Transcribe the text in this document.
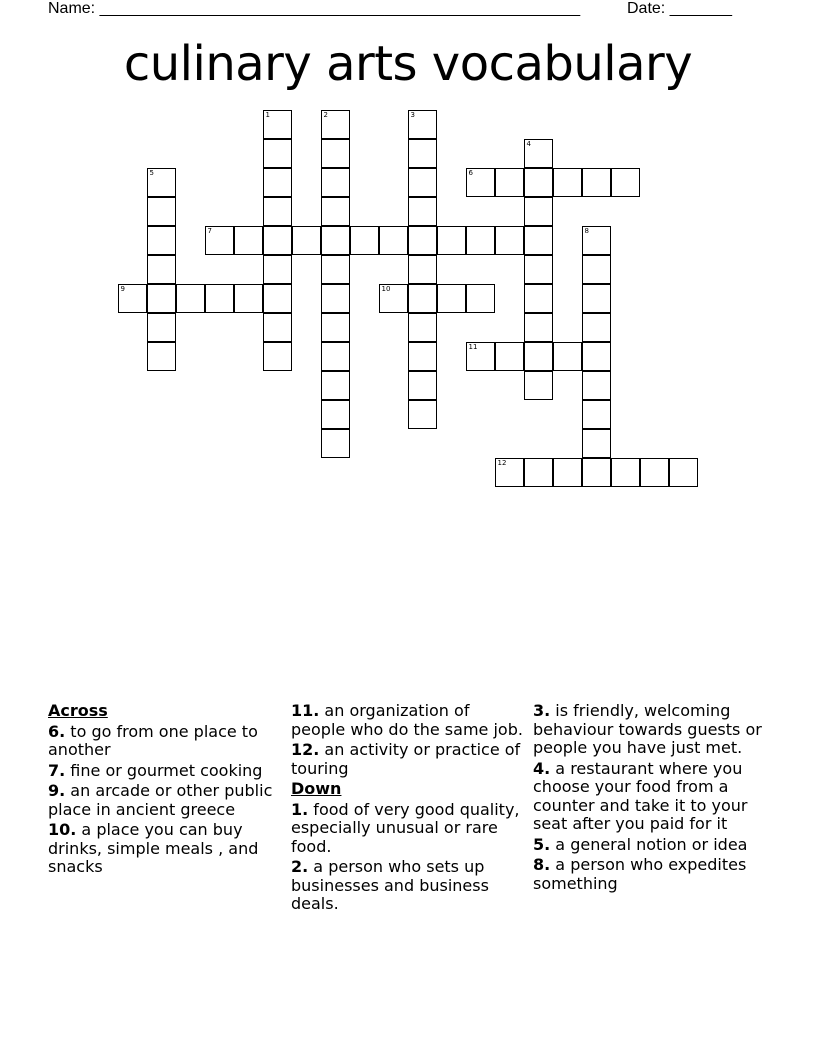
Name: ______________________________________________________	Date: _______
culinary arts vocabulary
1	2	3
4
5	6
7	8
9	10
11
12
Across
6. to go from one place to another
7. fine or gourmet cooking
9. an arcade or other public place in ancient greece
10. a place you can buy drinks, simple meals , and snacks
11. an organization of people who do the same job.
12. an activity or practice of touring
Down
1. food of very good quality, especially unusual or rare food.
2. a person who sets up businesses and business deals.
3. is friendly, welcoming behaviour towards guests or people you have just met.
4. a restaurant where you choose your food from a counter and take it to your seat after you paid for it
5. a general notion or idea
8. a person who expedites something
